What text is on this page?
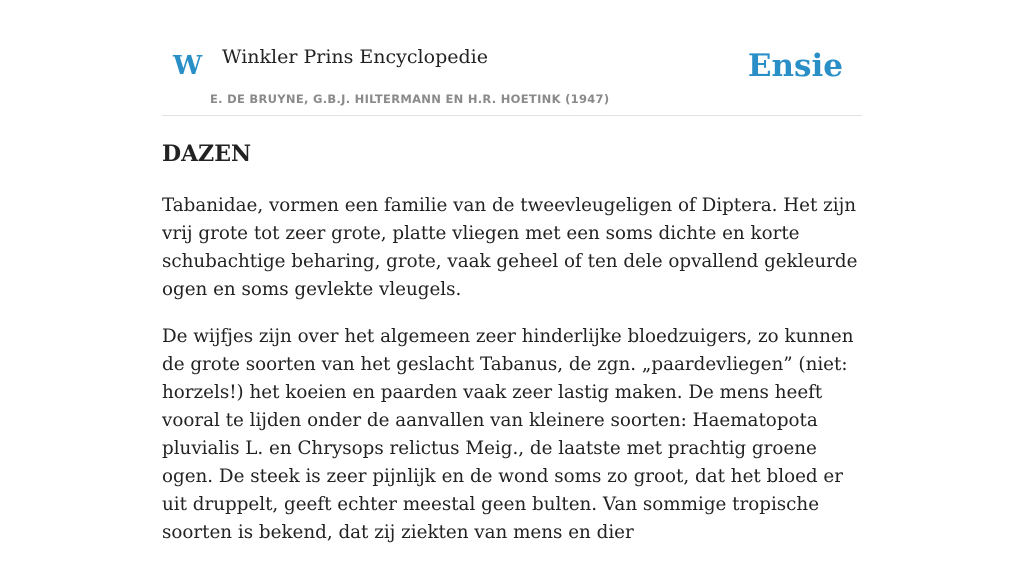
W Winkler Prins Encyclopedie
E. DE BRUYNE, G.B.J. HILTERMANN EN H.R. HOETINK (1947)
Ensie
DAZEN

Tabanidae, vormen een familie van de tweevleugeligen of Diptera. Het zijn vrij grote tot zeer grote, platte vliegen met een soms dichte en korte schubachtige beharing, grote, vaak geheel of ten dele opvallend gekleurde ogen en soms gevlekte vleugels.

De wijfjes zijn over het algemeen zeer hinderlijke bloedzuigers, zo kunnen de grote soorten van het geslacht Tabanus, de zgn. „paardevliegen” (niet: horzels!) het koeien en paarden vaak zeer lastig maken. De mens heeft vooral te lijden onder de aanvallen van kleinere soorten: Haematopota pluvialis L. en Chrysops relictus Meig., de laatste met prachtig groene ogen. De steek is zeer pijnlijk en de wond soms zo groot, dat het bloed er uit druppelt, geeft echter meestal geen bulten. Van sommige tropische soorten is bekend, dat zij ziekten van mens en dier
